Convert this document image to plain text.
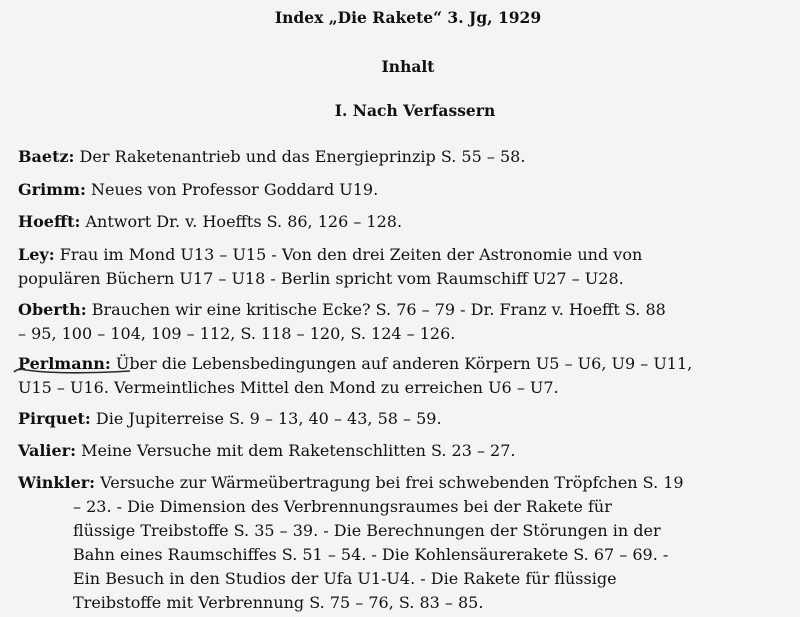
Index „Die Rakete“ 3. Jg, 1929
Inhalt
I. Nach Verfassern
Baetz: Der Raketenantrieb und das Energieprinzip S. 55 – 58.
Grimm: Neues von Professor Goddard U19.
Hoefft: Antwort Dr. v. Hoeffts S. 86, 126 – 128.
Ley: Frau im Mond U13 – U15 - Von den drei Zeiten der Astronomie und von
populären Büchern U17 – U18 - Berlin spricht vom Raumschiff U27 – U28.
Oberth: Brauchen wir eine kritische Ecke? S. 76 – 79 - Dr. Franz v. Hoefft S. 88
– 95, 100 – 104, 109 – 112, S. 118 – 120, S. 124 – 126.
Perlmann:
Über die Lebensbedingungen auf anderen Körpern U5 – U6, U9 – U11,
U15 – U16. Vermeintliches Mittel den Mond zu erreichen U6 – U7.
Pirquet: Die Jupiterreise S. 9 – 13, 40 – 43, 58 – 59.
Valier: Meine Versuche mit dem Raketenschlitten S. 23 – 27.
Winkler: Versuche zur Wärmeübertragung bei frei schwebenden Tröpfchen S. 19
– 23. - Die Dimension des Verbrennungsraumes bei der Rakete für
flüssige Treibstoffe S. 35 – 39. - Die Berechnungen der Störungen in der
Bahn eines Raumschiffes S. 51 – 54. - Die Kohlensäurerakete S. 67 – 69. -
Ein Besuch in den Studios der Ufa U1-U4. - Die Rakete für flüssige
Treibstoffe mit Verbrennung S. 75 – 76, S. 83 – 85.
